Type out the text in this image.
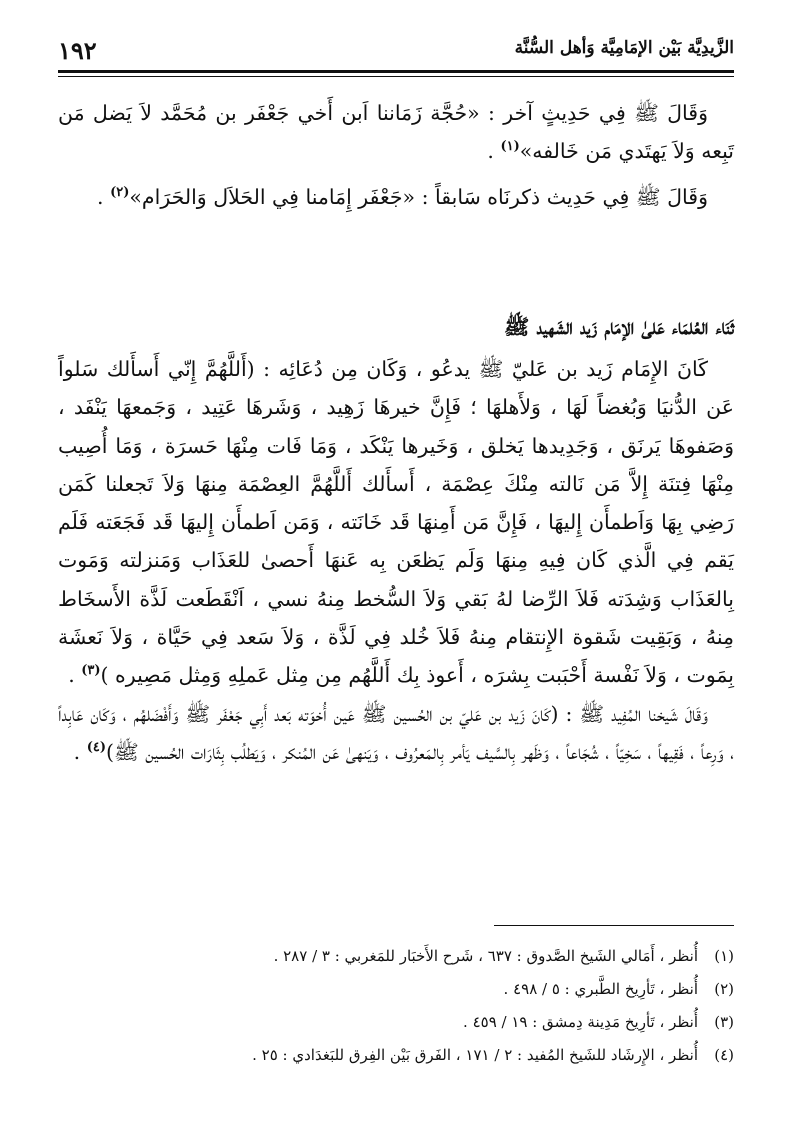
الزَّيدِيَّة بَيْن الإمَامِيَّة وَأهل السُّنَّة
١٩٢

وَقَالَ ﷺ فِي حَدِيثٍ آخر : «حُجَّة زَمَاننا اَبن أَخي جَعْفَر بن مُحَمَّد لاَ يَضل مَن تَبِعه وَلاَ يَهتَدي مَن خَالفه»$^{(١)}$ .

وَقَالَ ﷺ فِي حَدِيث ذكرنَاه سَابقاً : «جَعْفَر إِمَامنا فِي الحَلاَل وَالحَرَام»$^{(٢)}$ .

ثَنَاء العُلمَاء عَلىٰ الإمَام زَيد الشَهيد ﷺ

كَانَ الإِمَام زَيد بن عَليّ ﷺ يدعُو ، وَكَان مِن دُعَائِه : (أَللَّهُمَّ إِنّي أَسأَلك سَلواً عَن الدُّنيَا وَبُغضاً لَهَا ، وَلأَهلهَا ؛ فَإِنَّ خيرهَا زَهِيد ، وَشَرهَا عَتِيد ، وَجَمعهَا يَنْفَد ، وَصَفوهَا يَرنَق ، وَجَدِيدها يَخلق ، وَخَيرها يَنْكَد ، وَمَا فَات مِنْهَا حَسرَة ، وَمَا أُصِيب مِنْهَا فِتنَة إِلاَّ مَن نَالته مِنْكَ عِصْمَة ، أَسأَلك أَللَّهُمَّ العِصْمَة مِنهَا وَلاَ تَجعلنا كَمَن رَضِي بِهَا وَاَطمأَن إِليهَا ، فَإِنَّ مَن أَمِنهَا قَد خَانَته ، وَمَن اَطمأَن إِليهَا قَد فَجَعَته فَلَم يَقم فِي الَّذي كَان فِيهِ مِنهَا وَلَم يَظعَن بِه عَنهَا أَحصىٰ للعَذَاب وَمَنزلته وَمَوت بِالعَذَاب وَشِدَته فَلاَ الرِّضا لهُ بَقي وَلاَ السُّخط مِنهُ نسي ، اَنْقَطَعت لَذَّة الأَسخَاط مِنهُ ، وَبَقِيت شَقوة الإِنتقام مِنهُ فَلاَ خُلد فِي لَذَّة ، وَلاَ سَعد فِي حَيَّاة ، وَلاَ نَعشَة بِمَوت ، وَلاَ نَفْسة أَحْبَبت بِشرَه ، أَعوذ بِك أَللَّهُم مِن مِثل عَملِهِ وَمِثل مَصِيره )$^{(٣)}$ .

وَقَالَ شَيخنا المُفِيد ﷺ : (كَانَ زَيد بن عَليّ بن الحُسين ﷺ عَين أُخوَته بَعد أَبِي جَعْفَر ﷺ وَأَفْضَلهُم ، وَكَان عَابِداً ، وَرِعاً ، فَقِيهاً ، سَخِيّاً ، شُجَاعاً ، وَظَهر بِالسَّيف يَأمر بِالمَعرُوف ، وَيَنهىٰ عَن المُنكر ، وَيَطلُب بِثَارَات الحُسين ﷺ)$^{(٤)}$ .

(١)أُنظر ، أَمَالي الشَيخ الصَّدوق : ٦٣٧ ، شَرح الأَخبَار للمَغربي : ٣ / ٢٨٧ .
(٢)أُنظر ، تَأرِيخ الطَّبري : ٥ / ٤٩٨ .
(٣)أُنظر ، تَأرِيخ مَدِينة دِمشق : ١٩ / ٤٥٩ .
(٤)أُنظر ، الإِرشَاد للشَيخ المُفيد : ٢ / ١٧١ ، الفَرق بَيْن الفِرق للبَغدَادي : ٢٥ .
